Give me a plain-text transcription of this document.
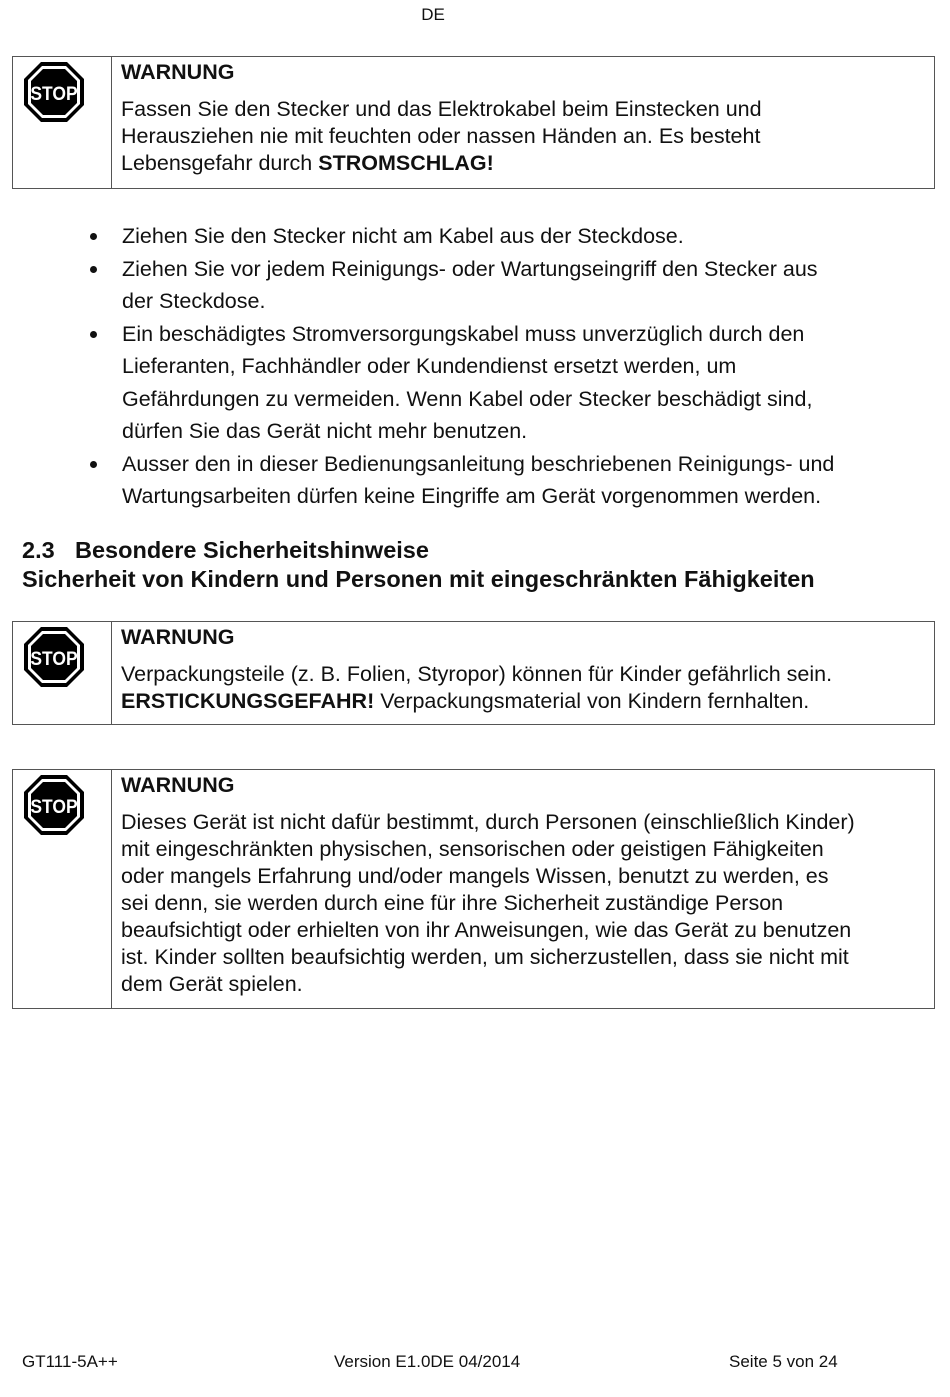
DE
STOP
WARNUNG
Fassen Sie den Stecker und das Elektrokabel beim Einstecken und
Herausziehen nie mit feuchten oder nassen Händen an. Es besteht
Lebensgefahr durch STROMSCHLAG!
Ziehen Sie den Stecker nicht am Kabel aus der Steckdose.
Ziehen Sie vor jedem Reinigungs- oder Wartungseingriff den Stecker aus
der Steckdose.
Ein beschädigtes Stromversorgungskabel muss unverzüglich durch den
Lieferanten, Fachhändler oder Kundendienst ersetzt werden, um
Gefährdungen zu vermeiden. Wenn Kabel oder Stecker beschädigt sind,
dürfen Sie das Gerät nicht mehr benutzen.
Ausser den in dieser Bedienungsanleitung beschriebenen Reinigungs- und
Wartungsarbeiten dürfen keine Eingriffe am Gerät vorgenommen werden.
2.3 Besondere Sicherheitshinweise
Sicherheit von Kindern und Personen mit eingeschränkten Fähigkeiten
STOP
WARNUNG
Verpackungsteile (z. B. Folien, Styropor) können für Kinder gefährlich sein.
ERSTICKUNGSGEFAHR! Verpackungsmaterial von Kindern fernhalten.
STOP
WARNUNG
Dieses Gerät ist nicht dafür bestimmt, durch Personen (einschließlich Kinder)
mit eingeschränkten physischen, sensorischen oder geistigen Fähigkeiten
oder mangels Erfahrung und/oder mangels Wissen, benutzt zu werden, es
sei denn, sie werden durch eine für ihre Sicherheit zuständige Person
beaufsichtigt oder erhielten von ihr Anweisungen, wie das Gerät zu benutzen
ist. Kinder sollten beaufsichtig werden, um sicherzustellen, dass sie nicht mit
dem Gerät spielen.
GT111-5A++	Version E1.0DE 04/2014	Seite 5 von 24
